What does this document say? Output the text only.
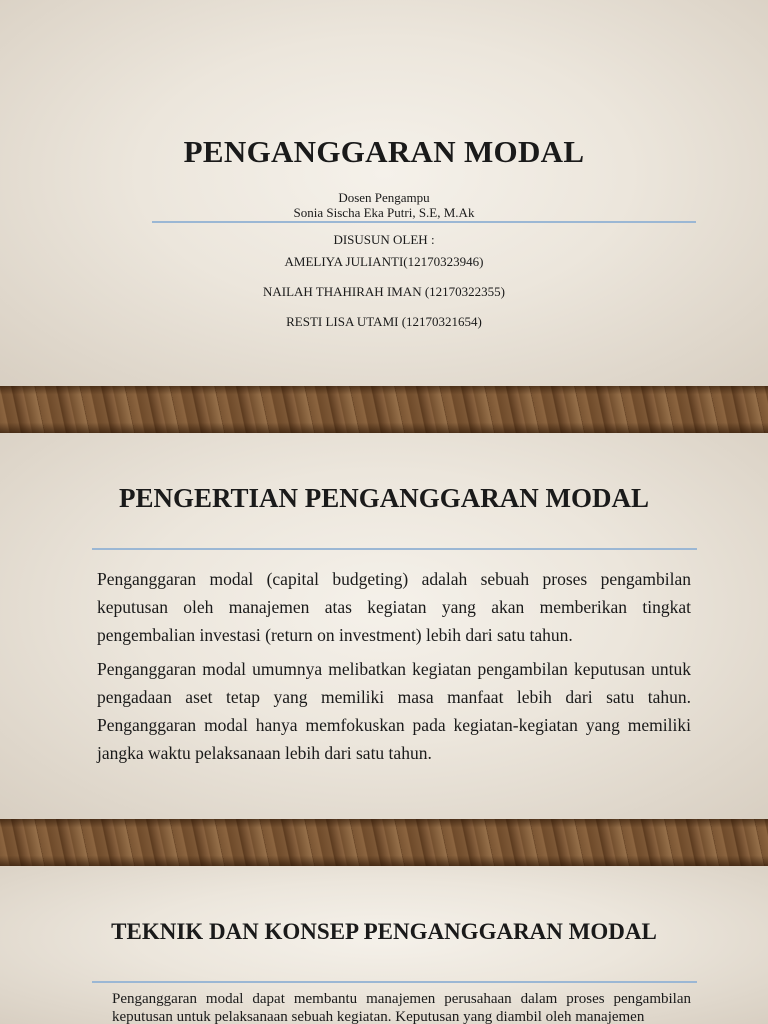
PENGANGGARAN MODAL
Dosen Pengampu
Sonia Sischa Eka Putri, S.E, M.Ak
DISUSUN OLEH :
AMELIYA JULIANTI(12170323946)
NAILAH THAHIRAH IMAN (12170322355)
RESTI LISA UTAMI (12170321654)
PENGERTIAN PENGANGGARAN MODAL

Penganggaran modal (capital budgeting) adalah sebuah proses pengambilan keputusan oleh manajemen atas kegiatan yang akan memberikan tingkat pengembalian investasi (return on investment) lebih dari satu tahun.

Penganggaran modal umumnya melibatkan kegiatan pengambilan keputusan untuk pengadaan aset tetap yang memiliki masa manfaat lebih dari satu tahun. Penganggaran modal hanya memfokuskan pada kegiatan-kegiatan yang memiliki jangka waktu pelaksanaan lebih dari satu tahun.

TEKNIK DAN KONSEP PENGANGGARAN MODAL

Penganggaran modal dapat membantu manajemen perusahaan dalam proses pengambilan keputusan untuk pelaksanaan sebuah kegiatan. Keputusan yang diambil oleh manajemen
